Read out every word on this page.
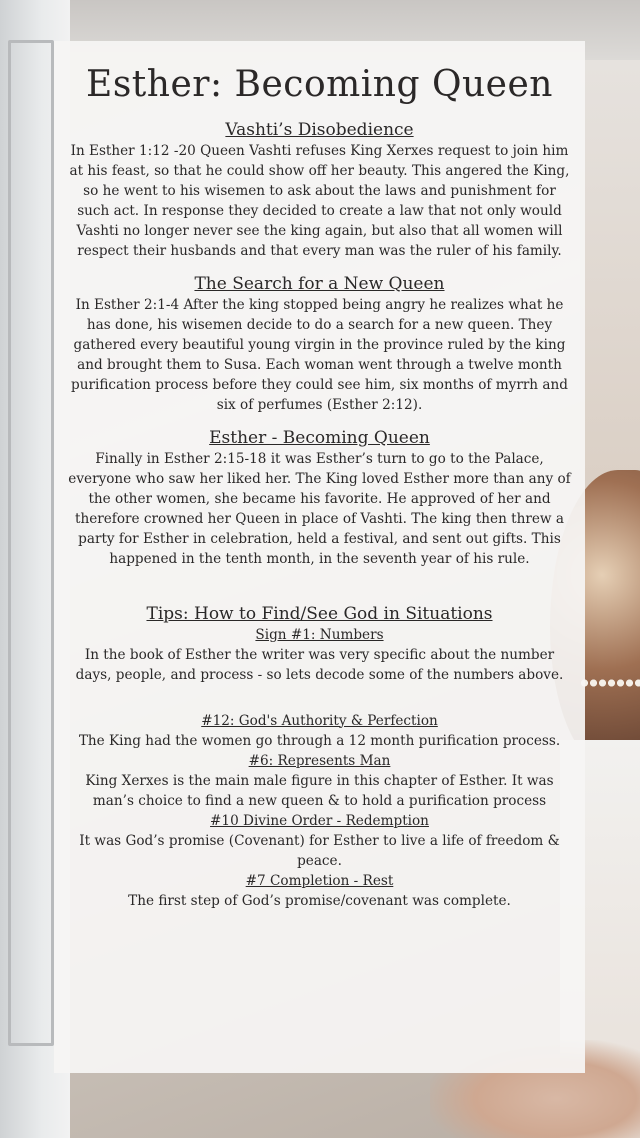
Esther: Becoming Queen

Vashti’s Disobedience

In Esther 1:12 -20 Queen Vashti refuses King Xerxes request to join him at his feast, so that he could show off her beauty. This angered the King, so he went to his wisemen to ask about the laws and punishment for such act. In response they decided to create a law that not only would Vashti no longer never see the king again, but also that all women will respect their husbands and that every man was the ruler of his family.

The Search for a New Queen

In Esther 2:1-4 After the king stopped being angry he realizes what he has done, his wisemen decide to do a search for a new queen. They gathered every beautiful young virgin in the province ruled by the king and brought them to Susa. Each woman went through a twelve month purification process before they could see him, six months of myrrh and six of perfumes (Esther 2:12).

Esther - Becoming Queen

Finally in Esther 2:15-18 it was Esther’s turn to go to the Palace, everyone who saw her liked her. The King loved Esther more than any of the other women, she became his favorite. He approved of her and therefore crowned her Queen in place of Vashti. The king then threw a party for Esther in celebration, held a festival, and sent out gifts. This happened in the tenth month, in the seventh year of his rule.

Tips: How to Find/See God in Situations

Sign #1: Numbers

In the book of Esther the writer was very specific about the number days, people, and process - so lets decode some of the numbers above.

#12: God's Authority & Perfection

The King had the women go through a 12 month purification process.

#6: Represents Man

King Xerxes is the main male figure in this chapter of Esther. It was man’s choice to find a new queen & to hold a purification process

#10 Divine Order - Redemption

It was God’s promise (Covenant) for Esther to live a life of freedom & peace.

#7 Completion - Rest

The first step of God’s promise/covenant was complete.
